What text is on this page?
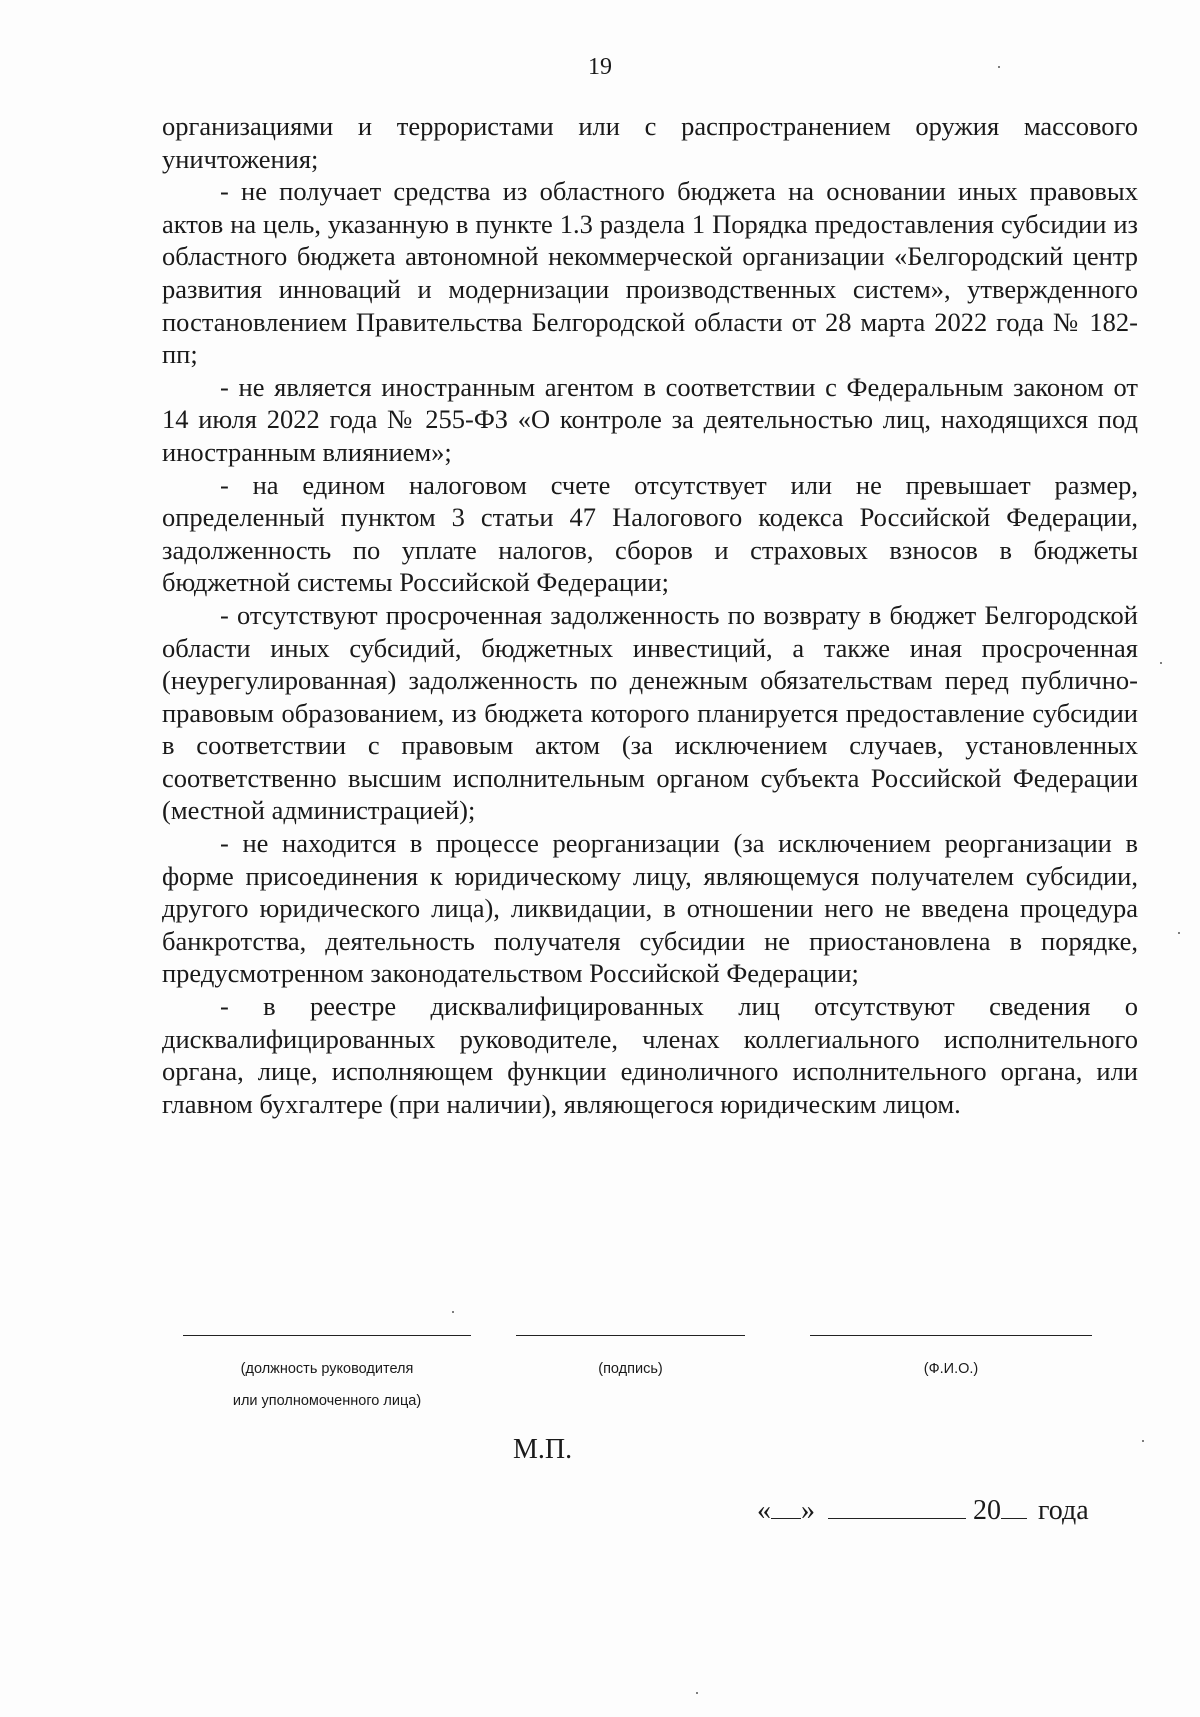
19

организациями и террористами или с распространением оружия массового уничтожения;

- не получает средства из областного бюджета на основании иных правовых актов на цель, указанную в пункте 1.3 раздела 1 Порядка предоставления субсидии из областного бюджета автономной некоммерческой организации «Белгородский центр развития инноваций и модернизации производственных систем», утвержденного постановлением Правительства Белгородской области от 28 марта 2022 года № 182-пп;

- не является иностранным агентом в соответствии с Федеральным законом от 14 июля 2022 года № 255-ФЗ «О контроле за деятельностью лиц, находящихся под иностранным влиянием»;

- на едином налоговом счете отсутствует или не превышает размер, определенный пунктом 3 статьи 47 Налогового кодекса Российской Федерации, задолженность по уплате налогов, сборов и страховых взносов в бюджеты бюджетной системы Российской Федерации;

- отсутствуют просроченная задолженность по возврату в бюджет Белгородской области иных субсидий, бюджетных инвестиций, а также иная просроченная (неурегулированная) задолженность по денежным обязательствам перед публично-правовым образованием, из бюджета которого планируется предоставление субсидии в соответствии с правовым актом (за исключением случаев, установленных соответственно высшим исполнительным органом субъекта Российской Федерации (местной администрацией);

- не находится в процессе реорганизации (за исключением реорганизации в форме присоединения к юридическому лицу, являющемуся получателем субсидии, другого юридического лица), ликвидации, в отношении него не введена процедура банкротства, деятельность получателя субсидии не приостановлена в порядке, предусмотренном законодательством Российской Федерации;

- в реестре дисквалифицированных лиц отсутствуют сведения о дисквалифицированных руководителе, членах коллегиального исполнительного органа, лице, исполняющем функции единоличного исполнительного органа, или главном бухгалтере (при наличии), являющегося юридическим лицом.

(должность руководителя
или уполномоченного лица)
(подпись)	(Ф.И.О.)
М.П.
« »	20 года
